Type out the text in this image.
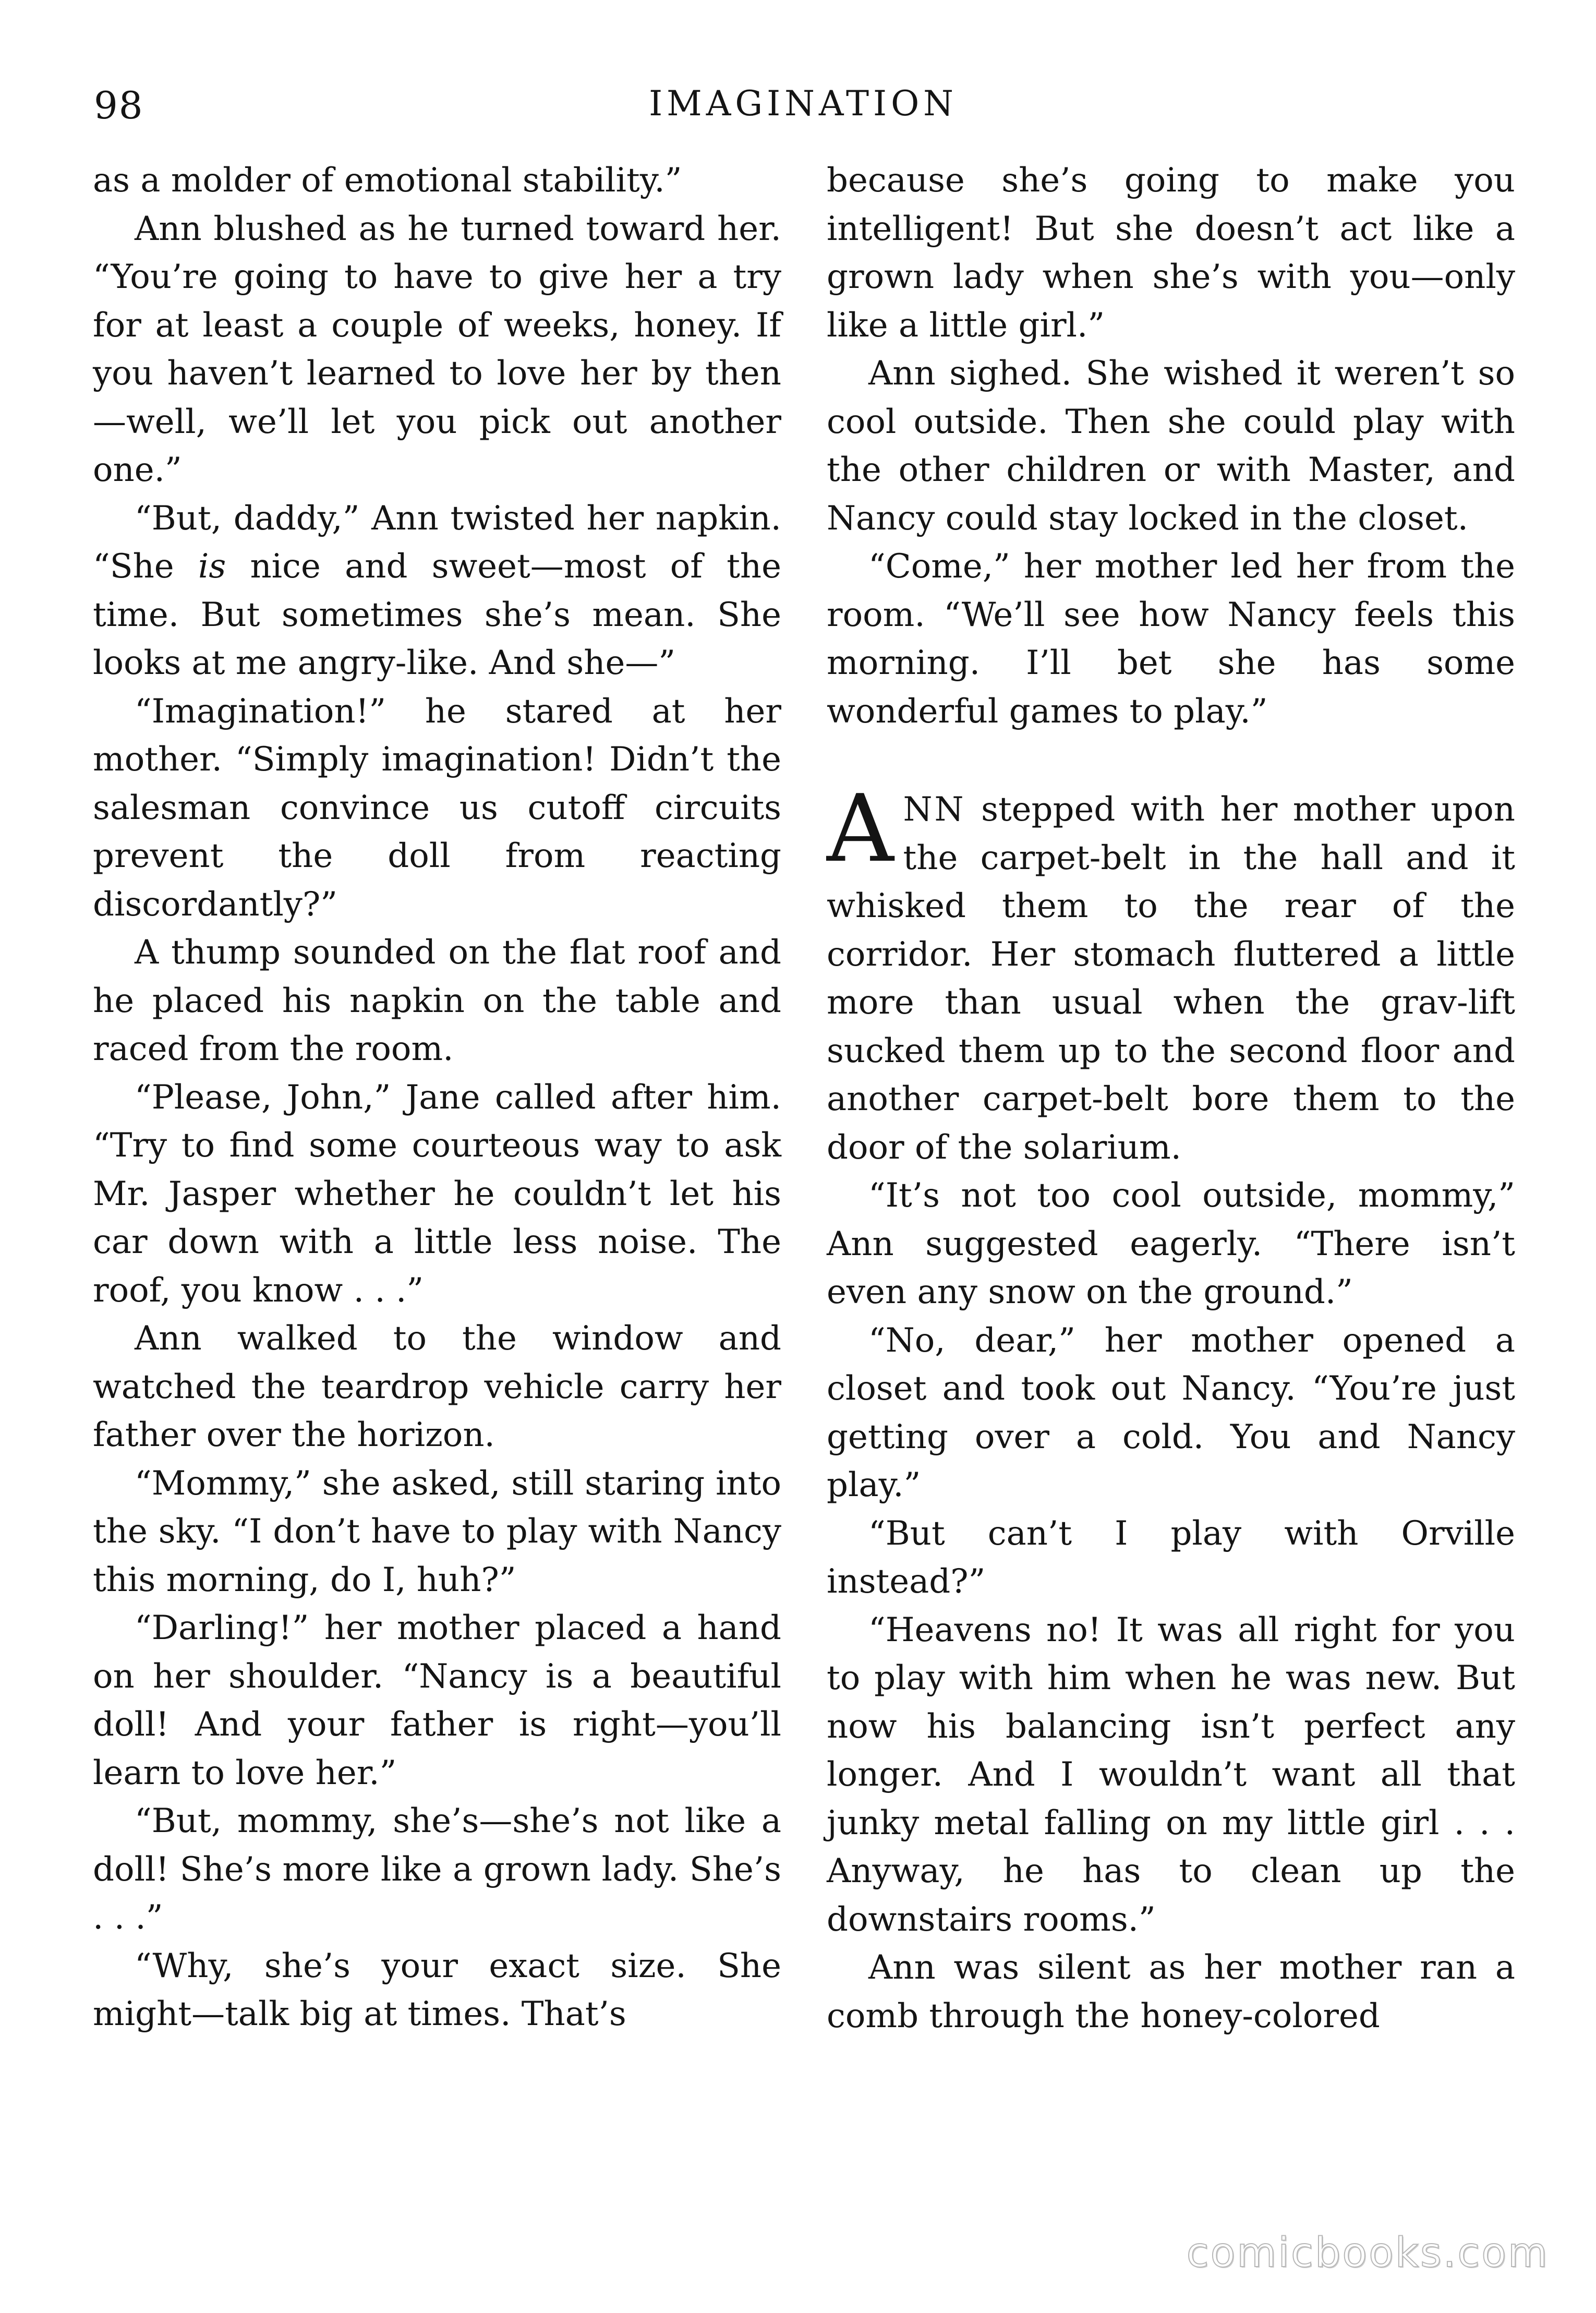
98	IMAGINATION

as a molder of emotional stability.”

Ann blushed as he turned toward her. “You’re going to have to give her a try for at least a couple of weeks, honey. If you haven’t learned to love her by then—well, we’ll let you pick out another one.”

“But, daddy,” Ann twisted her napkin. “She is nice and sweet—most of the time. But sometimes she’s mean. She looks at me angry-like. And she—”

“Imagination!” he stared at her mother. “Simply imagination! Didn’t the salesman convince us cutoff circuits prevent the doll from reacting discordantly?”

A thump sounded on the flat roof and he placed his napkin on the table and raced from the room.

“Please, John,” Jane called after him. “Try to find some courteous way to ask Mr. Jasper whether he couldn’t let his car down with a little less noise. The roof, you know . . .”

Ann walked to the window and watched the teardrop vehicle carry her father over the horizon.

“Mommy,” she asked, still staring into the sky. “I don’t have to play with Nancy this morning, do I, huh?”

“Darling!” her mother placed a hand on her shoulder. “Nancy is a beautiful doll! And your father is right—you’ll learn to love her.”

“But, mommy, she’s—she’s not like a doll! She’s more like a grown lady. She’s . . .”

“Why, she’s your exact size. She might—talk big at times. That’s

because she’s going to make you intelligent! But she doesn’t act like a grown lady when she’s with you—only like a little girl.”

Ann sighed. She wished it weren’t so cool outside. Then she could play with the other children or with Master, and Nancy could stay locked in the closet.

“Come,” her mother led her from the room. “We’ll see how Nancy feels this morning. I’ll bet she has some wonderful games to play.”

ANN stepped with her mother upon the carpet-belt in the hall and it whisked them to the rear of the corridor. Her stomach fluttered a little more than usual when the grav-lift sucked them up to the second floor and another carpet-belt bore them to the door of the solarium.

“It’s not too cool outside, mommy,” Ann suggested eagerly. “There isn’t even any snow on the ground.”

“No, dear,” her mother opened a closet and took out Nancy. “You’re just getting over a cold. You and Nancy play.”

“But can’t I play with Orville instead?”

“Heavens no! It was all right for you to play with him when he was new. But now his balancing isn’t perfect any longer. And I wouldn’t want all that junky metal falling on my little girl . . . Anyway, he has to clean up the downstairs rooms.”

Ann was silent as her mother ran a comb through the honey-colored

comicbooks.com
